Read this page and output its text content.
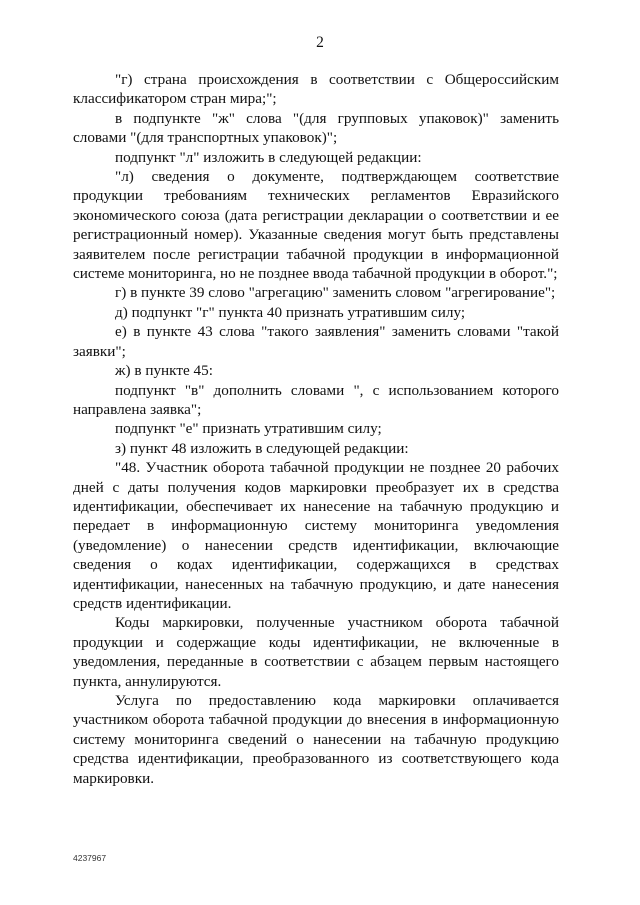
2

"г) страна происхождения в соответствии с Общероссийским классификатором стран мира;";

в подпункте "ж" слова "(для групповых упаковок)" заменить словами "(для транспортных упаковок)";

подпункт "л" изложить в следующей редакции:

"л) сведения о документе, подтверждающем соответствие продукции требованиям технических регламентов Евразийского экономического союза (дата регистрации декларации о соответствии и ее регистрационный номер). Указанные сведения могут быть представлены заявителем после регистрации табачной продукции в информационной системе мониторинга, но не позднее ввода табачной продукции в оборот.";

г) в пункте 39 слово "агрегацию" заменить словом "агрегирование";

д) подпункт "г" пункта 40 признать утратившим силу;

е) в пункте 43 слова "такого заявления" заменить словами "такой заявки";

ж) в пункте 45:

подпункт "в" дополнить словами ", с использованием которого направлена заявка";

подпункт "е" признать утратившим силу;

з) пункт 48 изложить в следующей редакции:

"48. Участник оборота табачной продукции не позднее 20 рабочих дней с даты получения кодов маркировки преобразует их в средства идентификации, обеспечивает их нанесение на табачную продукцию и передает в информационную систему мониторинга уведомления (уведомление) о нанесении средств идентификации, включающие сведения о кодах идентификации, содержащихся в средствах идентификации, нанесенных на табачную продукцию, и дате нанесения средств идентификации.

Коды маркировки, полученные участником оборота табачной продукции и содержащие коды идентификации, не включенные в уведомления, переданные в соответствии с абзацем первым настоящего пункта, аннулируются.

Услуга по предоставлению кода маркировки оплачивается участником оборота табачной продукции до внесения в информационную систему мониторинга сведений о нанесении на табачную продукцию средства идентификации, преобразованного из соответствующего кода маркировки.

4237967
